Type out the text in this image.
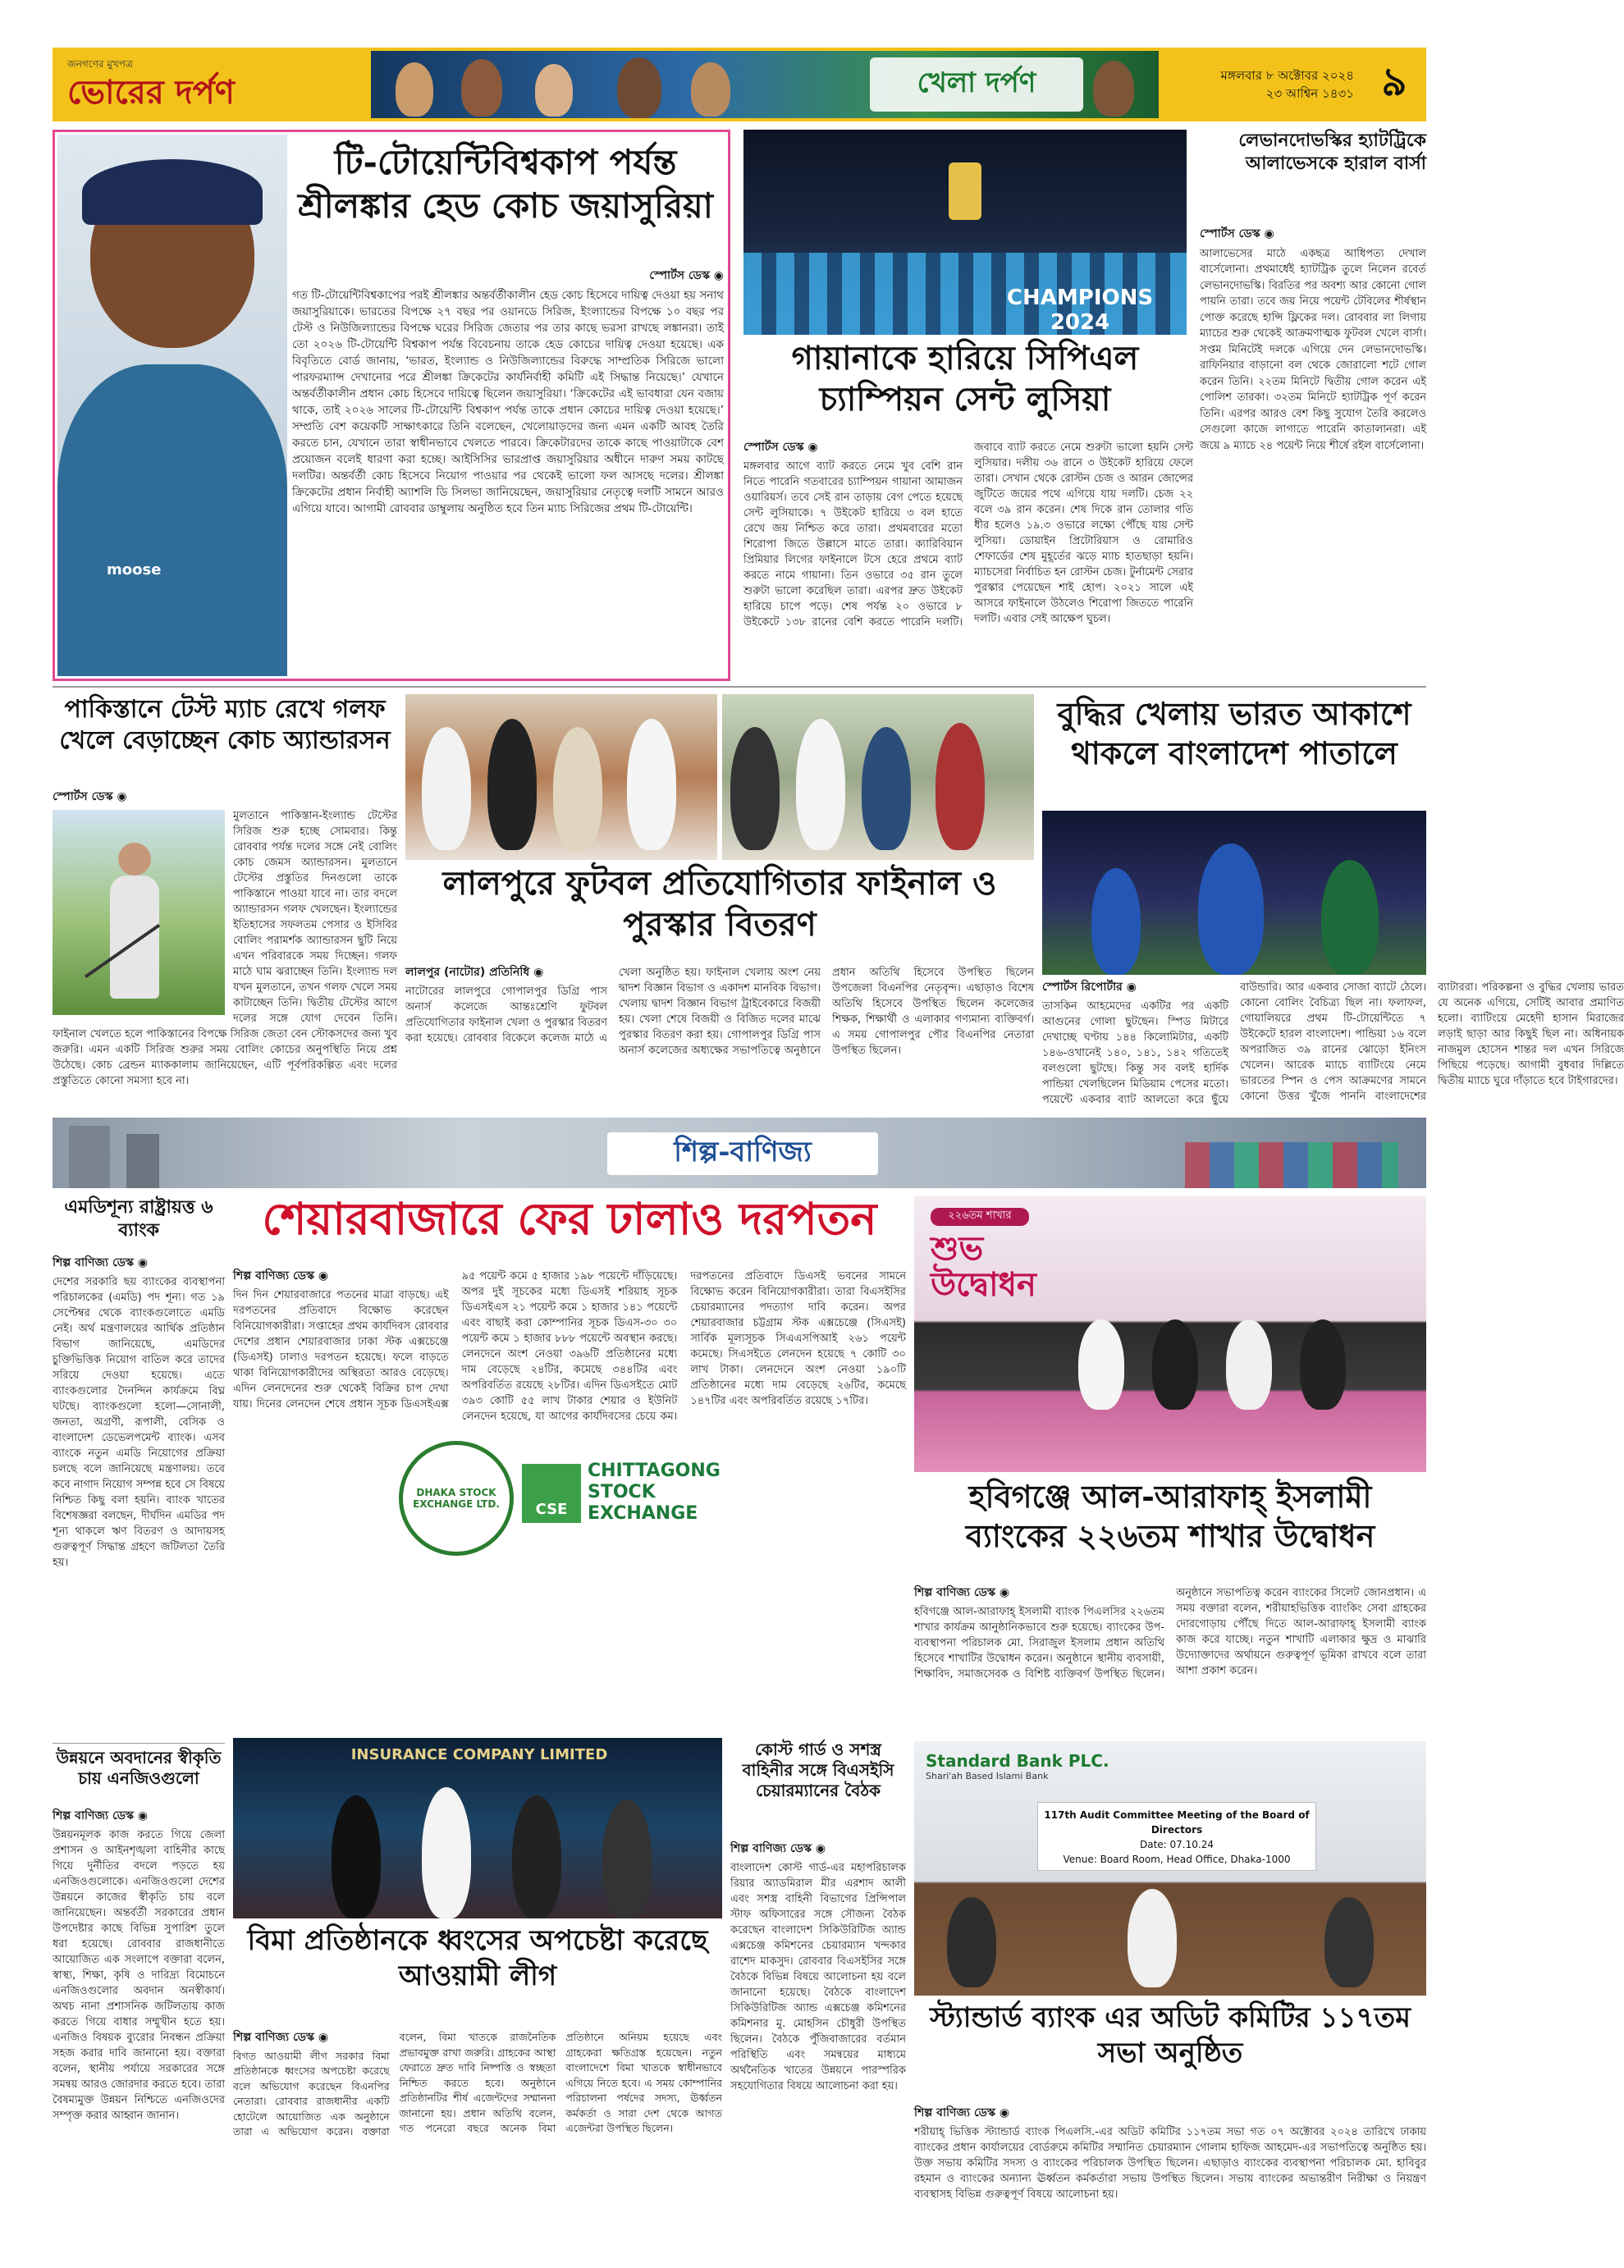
জনগণের মুখপত্র
ভোরের দর্পণ	খেলা দর্পণ	মঙ্গলবার ৮ অক্টোবর ২০২৪
২৩ আশ্বিন ১৪৩১ ৯
moose
টি-টোয়েন্টিবিশ্বকাপ পর্যন্ত শ্রীলঙ্কার হেড কোচ জয়াসুরিয়া
স্পোর্টস ডেস্ক ◉

গত টি-টোয়েন্টিবিশ্বকাপের পরই শ্রীলঙ্কার অন্তর্বর্তীকালীন হেড কোচ হিসেবে দায়িত্ব দেওয়া হয় সনাথ জয়াসুরিয়াকে। ভারতের বিপক্ষে ২৭ বছর পর ওয়ানডে সিরিজ, ইংল্যান্ডের বিপক্ষে ১০ বছর পর টেস্ট ও নিউজিল্যান্ডের বিপক্ষে ঘরের সিরিজ জেতার পর তার কাছে ভরসা রাখছে লঙ্কানরা। তাই তো ২০২৬ টি-টোয়েন্টি বিশ্বকাপ পর্যন্ত বিবেচনায় তাকে হেড কোচের দায়িত্ব দেওয়া হয়েছে। এক বিবৃতিতে বোর্ড জানায়, ‘ভারত, ইংল্যান্ড ও নিউজিল্যান্ডের বিরুদ্ধে সাম্প্রতিক সিরিজে ভালো পারফরম্যান্স দেখানোর পরে শ্রীলঙ্কা ক্রিকেটের কার্যনির্বাহী কমিটি এই সিদ্ধান্ত নিয়েছে।’ যেখানে অন্তর্বর্তীকালীন প্রধান কোচ হিসেবে দায়িত্বে ছিলেন জয়াসুরিয়া। ‘ক্রিকেটের এই ভাবধারা যেন বজায় থাকে, তাই ২০২৬ সালের টি-টোয়েন্টি বিশ্বকাপ পর্যন্ত তাকে প্রধান কোচের দায়িত্ব দেওয়া হয়েছে।’ সম্প্রতি বেশ কয়েকটি সাক্ষাৎকারে তিনি বলেছেন, খেলোয়াড়দের জন্য এমন একটি আবহ তৈরি করতে চান, যেখানে তারা স্বাধীনভাবে খেলতে পারবে। ক্রিকেটারদের তাকে কাছে পাওয়াটাকে বেশ প্রয়োজন বলেই ধারণা করা হচ্ছে। আইসিসির ভারপ্রাপ্ত জয়াসুরিয়ার অধীনে দারুণ সময় কাটছে দলটির। অন্তর্বর্তী কোচ হিসেবে নিয়োগ পাওয়ার পর থেকেই ভালো ফল আসছে দলের। শ্রীলঙ্কা ক্রিকেটের প্রধান নির্বাহী অ্যাশলি ডি সিলভা জানিয়েছেন, জয়াসুরিয়ার নেতৃত্বে দলটি সামনে আরও এগিয়ে যাবে। আগামী রোববার ডাম্বুলায় অনুষ্ঠিত হবে তিন ম্যাচ সিরিজের প্রথম টি-টোয়েন্টি।

CHAMPIONS 2024
গায়ানাকে হারিয়ে সিপিএল চ্যাম্পিয়ন সেন্ট লুসিয়া
স্পোর্টস ডেস্ক ◉

মঙ্গলবার আগে ব্যাট করতে নেমে খুব বেশি রান নিতে পারেনি গতবারের চ্যাম্পিয়ন গায়ানা আমাজন ওয়ারিয়র্স। তবে সেই রান তাড়ায় বেগ পেতে হয়েছে সেন্ট লুসিয়াকে। ৭ উইকেট হারিয়ে ৩ বল হাতে রেখে জয় নিশ্চিত করে তারা। প্রথমবারের মতো শিরোপা জিতে উল্লাসে মাতে তারা। ক্যারিবিয়ান প্রিমিয়ার লিগের ফাইনালে টসে হেরে প্রথমে ব্যাট করতে নামে গায়ানা। তিন ওভারে ৩৫ রান তুলে শুরুটা ভালো করেছিল তারা। এরপর দ্রুত উইকেট হারিয়ে চাপে পড়ে। শেষ পর্যন্ত ২০ ওভারে ৮ উইকেটে ১৩৮ রানের বেশি করতে পারেনি দলটি। জবাবে ব্যাট করতে নেমে শুরুটা ভালো হয়নি সেন্ট লুসিয়ার। দলীয় ৩৬ রানে ৩ উইকেট হারিয়ে ফেলে তারা। সেখান থেকে রোস্টন চেজ ও আরন জোন্সের জুটিতে জয়ের পথে এগিয়ে যায় দলটি। চেজ ২২ বলে ৩৯ রান করেন। শেষ দিকে রান তোলার গতি ধীর হলেও ১৯.৩ ওভারে লক্ষ্যে পৌঁছে যায় সেন্ট লুসিয়া। ডোয়াইন প্রিটোরিয়াস ও রোমারিও শেফার্ডের শেষ মুহূর্তের ঝড়ে ম্যাচ হাতছাড়া হয়নি। ম্যাচসেরা নির্বাচিত হন রোস্টন চেজ। টুর্নামেন্ট সেরার পুরস্কার পেয়েছেন শাই হোপ। ২০২১ সালে এই আসরে ফাইনালে উঠলেও শিরোপা জিততে পারেনি দলটি। এবার সেই আক্ষেপ ঘুচল।

লেভানদোভস্কির হ্যাটট্রিকে আলাভেসকে হারাল বার্সা
স্পোর্টস ডেস্ক ◉

আলাভেসের মাঠে একছত্র আধিপত্য দেখাল বার্সেলোনা। প্রথমার্ধেই হ্যাটট্রিক তুলে নিলেন রবের্ত লেভানদোভস্কি। বিরতির পর অবশ্য আর কোনো গোল পায়নি তারা। তবে জয় নিয়ে পয়েন্ট টেবিলের শীর্ষস্থান পোক্ত করেছে হান্সি ফ্লিকের দল। রোববার লা লিগায় ম্যাচের শুরু থেকেই আক্রমণাত্মক ফুটবল খেলে বার্সা। সপ্তম মিনিটেই দলকে এগিয়ে দেন লেভানদোভস্কি। রাফিনিয়ার বাড়ানো বল থেকে জোরালো শটে গোল করেন তিনি। ২২তম মিনিটে দ্বিতীয় গোল করেন এই পোলিশ তারকা। ৩২তম মিনিটে হ্যাটট্রিক পূর্ণ করেন তিনি। এরপর আরও বেশ কিছু সুযোগ তৈরি করলেও সেগুলো কাজে লাগাতে পারেনি কাতালানরা। এই জয়ে ৯ ম্যাচে ২৪ পয়েন্ট নিয়ে শীর্ষে রইল বার্সেলোনা।

পাকিস্তানে টেস্ট ম্যাচ রেখে গলফ খেলে বেড়াচ্ছেন কোচ অ্যান্ডারসন
স্পোর্টস ডেস্ক ◉

মুলতানে পাকিস্তান-ইংল্যান্ড টেস্টের সিরিজ শুরু হচ্ছে সোমবার। কিন্তু রোববার পর্যন্ত দলের সঙ্গে নেই বোলিং কোচ জেমস অ্যান্ডারসন। মুলতানে টেস্টের প্রস্তুতির দিনগুলো তাকে পাকিস্তানে পাওয়া যাবে না। তার বদলে অ্যান্ডারসন গলফ খেলছেন। ইংল্যান্ডের ইতিহাসের সফলতম পেসার ও ইসিবির বোলিং পরামর্শক অ্যান্ডারসন ছুটি নিয়ে এখন পরিবারকে সময় দিচ্ছেন। গলফ মাঠে ঘাম ঝরাচ্ছেন তিনি। ইংল্যান্ড দল যখন মুলতানে, তখন গলফ খেলে সময় কাটাচ্ছেন তিনি। দ্বিতীয় টেস্টের আগে দলের সঙ্গে যোগ দেবেন তিনি। ফাইনাল খেলতে হলে পাকিস্তানের বিপক্ষে সিরিজ জেতা বেন স্টোকসদের জন্য খুব জরুরি। এমন একটি সিরিজ শুরুর সময় বোলিং কোচের অনুপস্থিতি নিয়ে প্রশ্ন উঠেছে। কোচ ব্রেন্ডন ম্যাককালাম জানিয়েছেন, এটি পূর্বপরিকল্পিত এবং দলের প্রস্তুতিতে কোনো সমস্যা হবে না।

লালপুরে ফুটবল প্রতিযোগিতার ফাইনাল ও পুরস্কার বিতরণ
লালপুর (নাটোর) প্রতিনিধি ◉

নাটোরের লালপুরে গোপালপুর ডিগ্রি পাস অনার্স কলেজে আন্তঃশ্রেণি ফুটবল প্রতিযোগিতার ফাইনাল খেলা ও পুরস্কার বিতরণ করা হয়েছে। রোববার বিকেলে কলেজ মাঠে এ খেলা অনুষ্ঠিত হয়। ফাইনাল খেলায় অংশ নেয় দ্বাদশ বিজ্ঞান বিভাগ ও একাদশ মানবিক বিভাগ। খেলায় দ্বাদশ বিজ্ঞান বিভাগ ট্রাইবেকারে বিজয়ী হয়। খেলা শেষে বিজয়ী ও বিজিত দলের মাঝে পুরস্কার বিতরণ করা হয়। গোপালপুর ডিগ্রি পাস অনার্স কলেজের অধ্যক্ষের সভাপতিত্বে অনুষ্ঠানে প্রধান অতিথি হিসেবে উপস্থিত ছিলেন উপজেলা বিএনপির নেতৃবৃন্দ। এছাড়াও বিশেষ অতিথি হিসেবে উপস্থিত ছিলেন কলেজের শিক্ষক, শিক্ষার্থী ও এলাকার গণ্যমান্য ব্যক্তিবর্গ। এ সময় গোপালপুর পৌর বিএনপির নেতারা উপস্থিত ছিলেন।

বুদ্ধির খেলায় ভারত আকাশে থাকলে বাংলাদেশ পাতালে
স্পোর্টস রিপোর্টার ◉

তাসকিন আহমেদের একটির পর একটি আগুনের গোলা ছুটছেন। স্পিড মিটারে দেখাচ্ছে ঘণ্টায় ১৪৪ কিলোমিটার, একটি ১৪৬-ওখানেই ১৪০, ১৪১, ১৪২ গতিতেই বলগুলো ছুটছে। কিন্তু সব বলই হার্দিক পান্ডিয়া খেলছিলেন মিডিয়াম পেসের মতো। পয়েন্টে একবার ব্যাট আলতো করে ছুঁয়ে বাউন্ডারি। আর একবার সোজা ব্যাটে ঠেলে। কোনো বোলিং বৈচিত্র্য ছিল না। ফলাফল, গোয়ালিয়রে প্রথম টি-টোয়েন্টিতে ৭ উইকেটে হারল বাংলাদেশ। পান্ডিয়া ১৬ বলে অপরাজিত ৩৯ রানের ঝোড়ো ইনিংস খেলেন। আরেক ম্যাচে ব্যাটিংয়ে নেমে ভারতের স্পিন ও পেস আক্রমণের সামনে কোনো উত্তর খুঁজে পাননি বাংলাদেশের ব্যাটাররা। পরিকল্পনা ও বুদ্ধির খেলায় ভারত যে অনেক এগিয়ে, সেটিই আবার প্রমাণিত হলো। ব্যাটিংয়ে মেহেদী হাসান মিরাজের লড়াই ছাড়া আর কিছুই ছিল না। অধিনায়ক নাজমুল হোসেন শান্তর দল এখন সিরিজে পিছিয়ে পড়েছে। আগামী বুধবার দিল্লিতে দ্বিতীয় ম্যাচে ঘুরে দাঁড়াতে হবে টাইগারদের।

শিল্প-বাণিজ্য
এমডিশূন্য রাষ্ট্রায়ত্ত ৬ ব্যাংক
শিল্প বাণিজ্য ডেস্ক ◉

দেশের সরকারি ছয় ব্যাংকের ব্যবস্থাপনা পরিচালকের (এমডি) পদ শূন্য। গত ১৯ সেপ্টেম্বর থেকে ব্যাংকগুলোতে এমডি নেই। অর্থ মন্ত্রণালয়ের আর্থিক প্রতিষ্ঠান বিভাগ জানিয়েছে, এমডিদের চুক্তিভিত্তিক নিয়োগ বাতিল করে তাদের সরিয়ে দেওয়া হয়েছে। এতে ব্যাংকগুলোর দৈনন্দিন কার্যক্রমে বিঘ্ন ঘটছে। ব্যাংকগুলো হলো—সোনালী, জনতা, অগ্রণী, রূপালী, বেসিক ও বাংলাদেশ ডেভেলপমেন্ট ব্যাংক। এসব ব্যাংকে নতুন এমডি নিয়োগের প্রক্রিয়া চলছে বলে জানিয়েছে মন্ত্রণালয়। তবে কবে নাগাদ নিয়োগ সম্পন্ন হবে সে বিষয়ে নিশ্চিত কিছু বলা হয়নি। ব্যাংক খাতের বিশেষজ্ঞরা বলছেন, দীর্ঘদিন এমডির পদ শূন্য থাকলে ঋণ বিতরণ ও আদায়সহ গুরুত্বপূর্ণ সিদ্ধান্ত গ্রহণে জটিলতা তৈরি হয়।

উন্নয়নে অবদানের স্বীকৃতি চায় এনজিওগুলো
শিল্প বাণিজ্য ডেস্ক ◉

উন্নয়নমূলক কাজ করতে গিয়ে জেলা প্রশাসন ও আইনশৃঙ্খলা বাহিনীর কাছে গিয়ে দুর্নীতির বদলে পড়তে হয় এনজিওগুলোকে। এনজিওগুলো দেশের উন্নয়নে কাজের স্বীকৃতি চায় বলে জানিয়েছেন। অন্তর্বর্তী সরকারের প্রধান উপদেষ্টার কাছে বিভিন্ন সুপারিশ তুলে ধরা হয়েছে। রোববার রাজধানীতে আয়োজিত এক সংলাপে বক্তারা বলেন, স্বাস্থ্য, শিক্ষা, কৃষি ও দারিদ্র্য বিমোচনে এনজিওগুলোর অবদান অনস্বীকার্য। অথচ নানা প্রশাসনিক জটিলতায় কাজ করতে গিয়ে বাধার সম্মুখীন হতে হয়। এনজিও বিষয়ক ব্যুরোর নিবন্ধন প্রক্রিয়া সহজ করার দাবি জানানো হয়। বক্তারা বলেন, স্থানীয় পর্যায়ে সরকারের সঙ্গে সমন্বয় আরও জোরদার করতে হবে। তারা বৈষম্যমুক্ত উন্নয়ন নিশ্চিতে এনজিওদের সম্পৃক্ত করার আহ্বান জানান।

শেয়ারবাজারে ফের ঢালাও দরপতন
শিল্প বাণিজ্য ডেস্ক ◉

দিন দিন শেয়ারবাজারে পতনের মাত্রা বাড়ছে। এই দরপতনের প্রতিবাদে বিক্ষোভ করেছেন বিনিয়োগকারীরা। সপ্তাহের প্রথম কার্যদিবস রোববার দেশের প্রধান শেয়ারবাজার ঢাকা স্টক এক্সচেঞ্জে (ডিএসই) ঢালাও দরপতন হয়েছে। ফলে বাড়তে থাকা বিনিয়োগকারীদের অস্থিরতা আরও বেড়েছে। এদিন লেনদেনের শুরু থেকেই বিক্রির চাপ দেখা যায়। দিনের লেনদেন শেষে প্রধান সূচক ডিএসইএক্স ৯৫ পয়েন্ট কমে ৫ হাজার ১৯৮ পয়েন্টে দাঁড়িয়েছে। অপর দুই সূচকের মধ্যে ডিএসই শরিয়াহ সূচক ডিএসইএস ২১ পয়েন্ট কমে ১ হাজার ১৪১ পয়েন্টে এবং বাছাই করা কোম্পানির সূচক ডিএস-৩০ ৩০ পয়েন্ট কমে ১ হাজার ৮৮৮ পয়েন্টে অবস্থান করছে। লেনদেনে অংশ নেওয়া ৩৯৬টি প্রতিষ্ঠানের মধ্যে দাম বেড়েছে ২৪টির, কমেছে ৩৪৪টির এবং অপরিবর্তিত রয়েছে ২৮টির। এদিন ডিএসইতে মোট ৩৯৩ কোটি ৫৫ লাখ টাকার শেয়ার ও ইউনিট লেনদেন হয়েছে, যা আগের কার্যদিবসের চেয়ে কম। দরপতনের প্রতিবাদে ডিএসই ভবনের সামনে বিক্ষোভ করেন বিনিয়োগকারীরা। তারা বিএসইসির চেয়ারম্যানের পদত্যাগ দাবি করেন। অপর শেয়ারবাজার চট্টগ্রাম স্টক এক্সচেঞ্জে (সিএসই) সার্বিক মূল্যসূচক সিএএসপিআই ২৬১ পয়েন্ট কমেছে। সিএসইতে লেনদেন হয়েছে ৭ কোটি ৩০ লাখ টাকা। লেনদেনে অংশ নেওয়া ১৯০টি প্রতিষ্ঠানের মধ্যে দাম বেড়েছে ২৬টির, কমেছে ১৪৭টির এবং অপরিবর্তিত রয়েছে ১৭টির।

DHAKA STOCK EXCHANGE LTD.	CSE
CHITTAGONG
STOCK
EXCHANGE
INSURANCE COMPANY LIMITED
বিমা প্রতিষ্ঠানকে ধ্বংসের অপচেষ্টা করেছে আওয়ামী লীগ
শিল্প বাণিজ্য ডেস্ক ◉

বিগত আওয়ামী লীগ সরকার বিমা প্রতিষ্ঠানকে ধ্বংসের অপচেষ্টা করেছে বলে অভিযোগ করেছেন বিএনপির নেতারা। রোববার রাজধানীর একটি হোটেলে আয়োজিত এক অনুষ্ঠানে তারা এ অভিযোগ করেন। বক্তারা বলেন, বিমা খাতকে রাজনৈতিক প্রভাবমুক্ত রাখা জরুরি। গ্রাহকের আস্থা ফেরাতে দ্রুত দাবি নিষ্পত্তি ও স্বচ্ছতা নিশ্চিত করতে হবে। অনুষ্ঠানে প্রতিষ্ঠানটির শীর্ষ এজেন্টদের সম্মাননা জানানো হয়। প্রধান অতিথি বলেন, গত পনেরো বছরে অনেক বিমা প্রতিষ্ঠানে অনিয়ম হয়েছে এবং গ্রাহকেরা ক্ষতিগ্রস্ত হয়েছেন। নতুন বাংলাদেশে বিমা খাতকে স্বাধীনভাবে এগিয়ে নিতে হবে। এ সময় কোম্পানির পরিচালনা পর্ষদের সদস্য, ঊর্ধ্বতন কর্মকর্তা ও সারা দেশ থেকে আগত এজেন্টরা উপস্থিত ছিলেন।

কোস্ট গার্ড ও সশস্ত্র বাহিনীর সঙ্গে বিএসইসি চেয়ারম্যানের বৈঠক
শিল্প বাণিজ্য ডেস্ক ◉

বাংলাদেশ কোস্ট গার্ড-এর মহাপরিচালক রিয়ার অ্যাডমিরাল মীর এরশাদ আলী এবং সশস্ত্র বাহিনী বিভাগের প্রিন্সিপাল স্টাফ অফিসারের সঙ্গে সৌজন্য বৈঠক করেছেন বাংলাদেশ সিকিউরিটিজ অ্যান্ড এক্সচেঞ্জ কমিশনের চেয়ারম্যান খন্দকার রাশেদ মাকসুদ। রোববার বিএসইসির সঙ্গে বৈঠকে বিভিন্ন বিষয়ে আলোচনা হয় বলে জানানো হয়েছে। বৈঠকে বাংলাদেশ সিকিউরিটিজ অ্যান্ড এক্সচেঞ্জ কমিশনের কমিশনার মু. মোহসিন চৌধুরী উপস্থিত ছিলেন। বৈঠকে পুঁজিবাজারের বর্তমান পরিস্থিতি এবং সমন্বয়ের মাধ্যমে অর্থনৈতিক খাতের উন্নয়নে পারস্পরিক সহযোগিতার বিষয়ে আলোচনা করা হয়।

২২৬তম শাখার
শুভ উদ্বোধন
হবিগঞ্জে আল-আরাফাহ্ ইসলামী ব্যাংকের ২২৬তম শাখার উদ্বোধন
শিল্প বাণিজ্য ডেস্ক ◉

হবিগঞ্জে আল-আরাফাহ্ ইসলামী ব্যাংক পিএলসির ২২৬তম শাখার কার্যক্রম আনুষ্ঠানিকভাবে শুরু হয়েছে। ব্যাংকের উপ-ব্যবস্থাপনা পরিচালক মো. সিরাজুল ইসলাম প্রধান অতিথি হিসেবে শাখাটির উদ্বোধন করেন। অনুষ্ঠানে স্থানীয় ব্যবসায়ী, শিক্ষাবিদ, সমাজসেবক ও বিশিষ্ট ব্যক্তিবর্গ উপস্থিত ছিলেন। অনুষ্ঠানে সভাপতিত্ব করেন ব্যাংকের সিলেট জোনপ্রধান। এ সময় বক্তারা বলেন, শরীয়াহভিত্তিক ব্যাংকিং সেবা গ্রাহকের দোরগোড়ায় পৌঁছে দিতে আল-আরাফাহ্ ইসলামী ব্যাংক কাজ করে যাচ্ছে। নতুন শাখাটি এলাকার ক্ষুদ্র ও মাঝারি উদ্যোক্তাদের অর্থায়নে গুরুত্বপূর্ণ ভূমিকা রাখবে বলে তারা আশা প্রকাশ করেন।

Standard Bank PLC.
Shari'ah Based Islami Bank
117th Audit Committee Meeting of the Board of Directors
Date: 07.10.24
Venue: Board Room, Head Office, Dhaka-1000
স্ট্যান্ডার্ড ব্যাংক এর অডিট কমিটির ১১৭তম সভা অনুষ্ঠিত
শিল্প বাণিজ্য ডেস্ক ◉

শরীয়াহ্ ভিত্তিক স্ট্যান্ডার্ড ব্যাংক পিএলসি.-এর অডিট কমিটির ১১৭তম সভা গত ০৭ অক্টোবর ২০২৪ তারিখে ঢাকায় ব্যাংকের প্রধান কার্যালয়ের বোর্ডরুমে কমিটির সম্মানিত চেয়ারম্যান গোলাম হাফিজ আহমেদ-এর সভাপতিত্বে অনুষ্ঠিত হয়। উক্ত সভায় কমিটির সদস্য ও ব্যাংকের পরিচালক উপস্থিত ছিলেন। এছাড়াও ব্যাংকের ব্যবস্থাপনা পরিচালক মো. হাবিবুর রহমান ও ব্যাংকের অন্যান্য ঊর্ধ্বতন কর্মকর্তারা সভায় উপস্থিত ছিলেন। সভায় ব্যাংকের অভ্যন্তরীণ নিরীক্ষা ও নিয়ন্ত্রণ ব্যবস্থাসহ বিভিন্ন গুরুত্বপূর্ণ বিষয়ে আলোচনা হয়।
